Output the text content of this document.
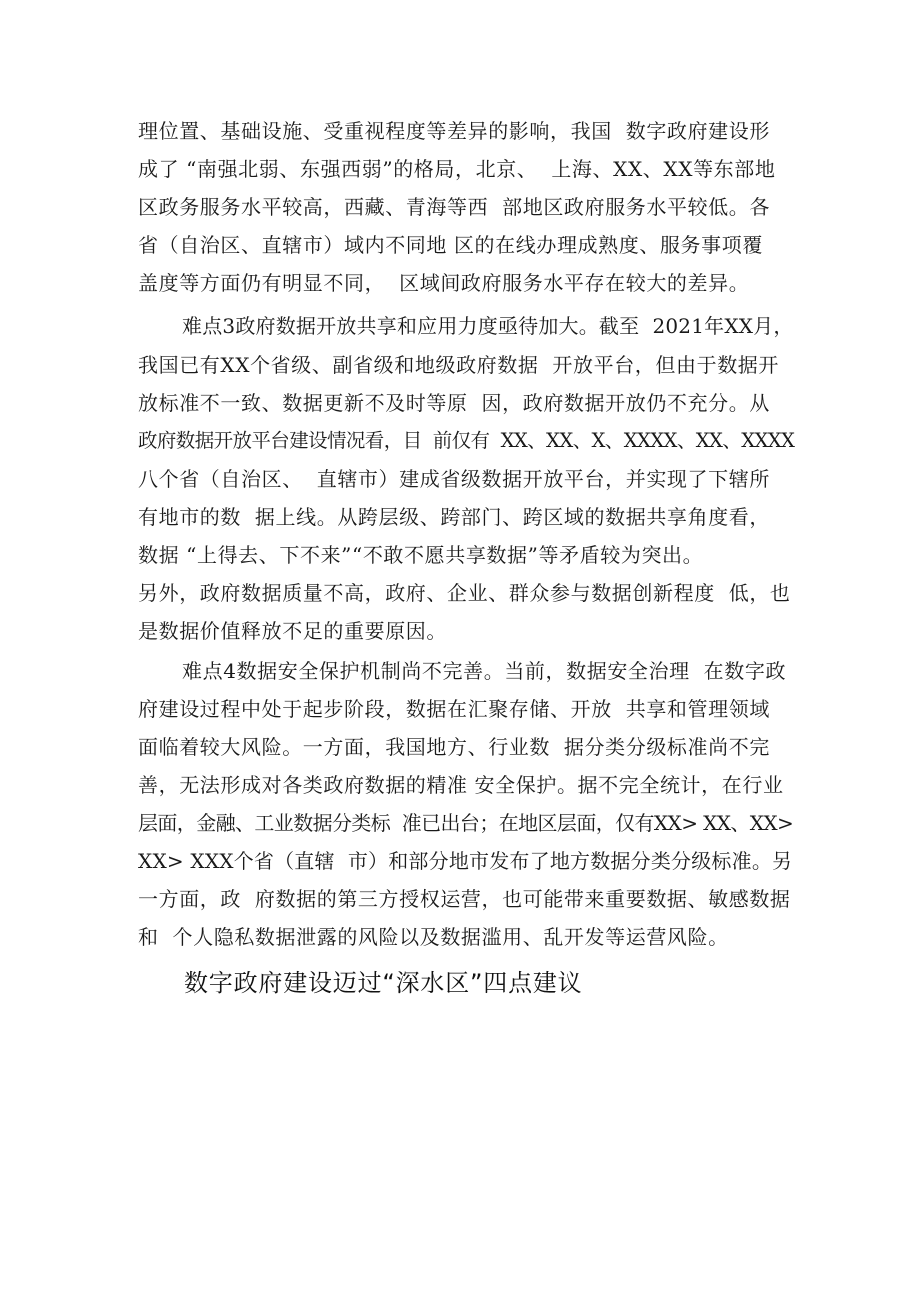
理位置、基础设施、受重视程度等差异的影响，我国  数字政府建设形
成了 “南强北弱、东强西弱”的格局，北京、  上海、XX、XX等东部地
区政务服务水平较高，西藏、青海等西  部地区政府服务水平较低。各
省（自治区、直辖市）域内不同地 区的在线办理成熟度、服务事项覆
盖度等方面仍有明显不同，  区域间政府服务水平存在较大的差异。
难点3政府数据开放共享和应用力度亟待加大。截至  2021年XX月，
我国已有XX个省级、副省级和地级政府数据  开放平台，但由于数据开
放标准不一致、数据更新不及时等原  因，政府数据开放仍不充分。从
政府数据开放平台建设情况看，目  前仅有  XX、XX、X、XXXX、XX、XXXX
八个省（自治区、  直辖市）建成省级数据开放平台，并实现了下辖所
有地市的数  据上线。从跨层级、跨部门、跨区域的数据共享角度看，
数据 “上得去、下不来”“不敢不愿共享数据”等矛盾较为突出。
另外，政府数据质量不高，政府、企业、群众参与数据创新程度  低，也
是数据价值释放不足的重要原因。
难点4数据安全保护机制尚不完善。当前，数据安全治理  在数字政
府建设过程中处于起步阶段，数据在汇聚存储、开放  共享和管理领域
面临着较大风险。一方面，我国地方、行业数  据分类分级标准尚不完
善，无法形成对各类政府数据的精准 安全保护。据不完全统计，在行业
层面，金融、工业数据分类标  准已出台；在地区层面，仅有XX> XX、XX>
XX> XXX个省（直辖  市）和部分地市发布了地方数据分类分级标准。另
一方面，政  府数据的第三方授权运营，也可能带来重要数据、敏感数据
和  个人隐私数据泄露的风险以及数据滥用、乱开发等运营风险。
数字政府建设迈过“深水区”四点建议
